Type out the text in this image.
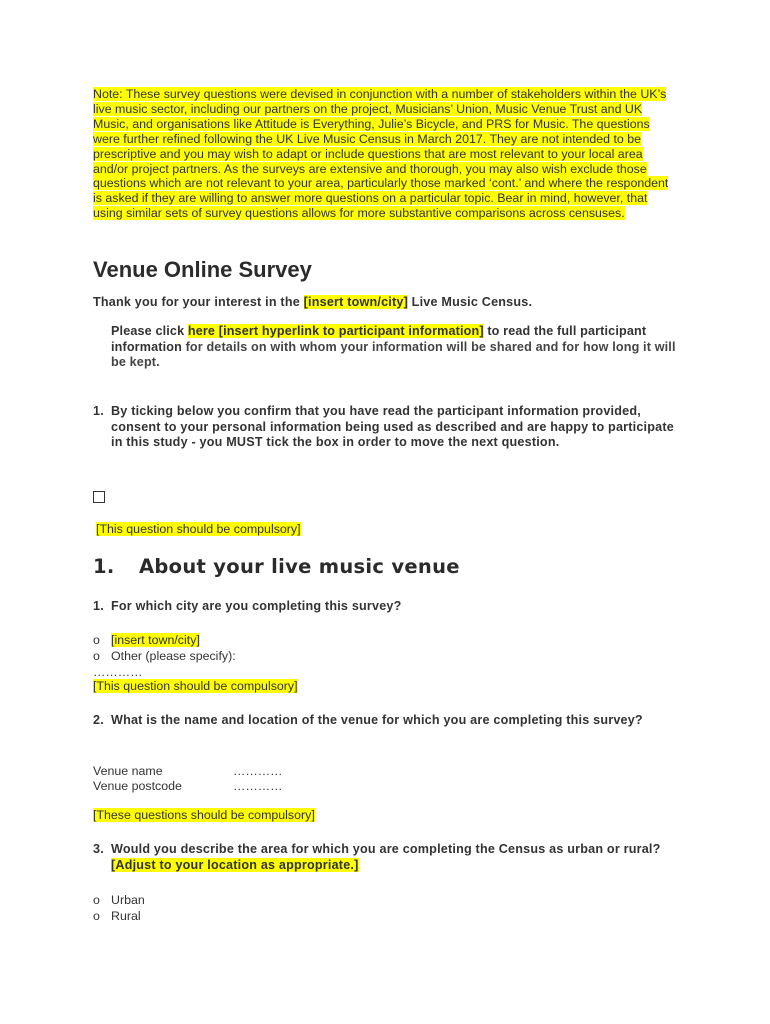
Note: These survey questions were devised in conjunction with a number of stakeholders within the UK’s live music sector, including our partners on the project, Musicians’ Union, Music Venue Trust and UK Music, and organisations like Attitude is Everything, Julie’s Bicycle, and PRS for Music. The questions were further refined following the UK Live Music Census in March 2017. They are not intended to be prescriptive and you may wish to adapt or include questions that are most relevant to your local area and/or project partners. As the surveys are extensive and thorough, you may also wish exclude those questions which are not relevant to your area, particularly those marked ‘cont.’ and where the respondent is asked if they are willing to answer more questions on a particular topic. Bear in mind, however, that using similar sets of survey questions allows for more substantive comparisons across censuses.

Venue Online Survey
Thank you for your interest in the [insert town/city] Live Music Census.
Please click here [insert hyperlink to participant information] to read the full participant information for details on with whom your information will be shared and for how long it will be kept.
1. By ticking below you confirm that you have read the participant information provided, consent to your personal information being used as described and are happy to participate in this study - you MUST tick the box in order to move the next question.
[This question should be compulsory]
1. About your live music venue
1. For which city are you completing this survey?
o [insert town/city]
o Other (please specify):
…………
[This question should be compulsory]
2. What is the name and location of the venue for which you are completing this survey?
Venue name	…………
Venue postcode	…………
[These questions should be compulsory]
3. Would you describe the area for which you are completing the Census as urban or rural? [Adjust to your location as appropriate.]
o Urban
o Rural
